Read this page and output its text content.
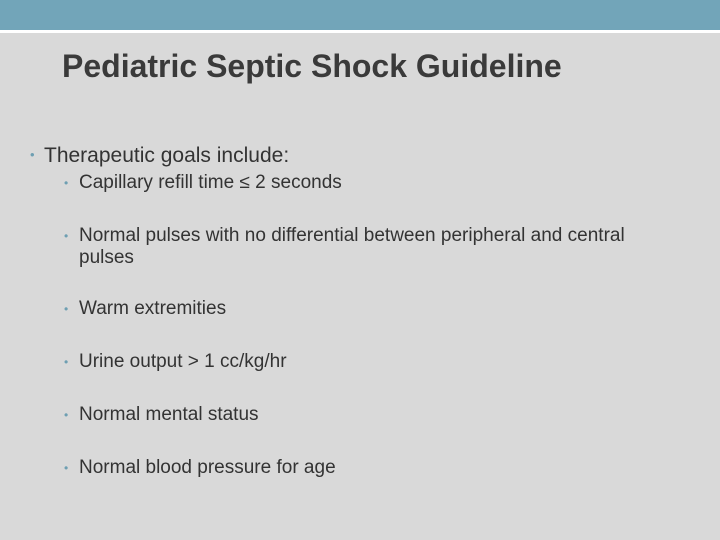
Pediatric Septic Shock Guideline
• Therapeutic goals include:
• Capillary refill time ≤ 2 seconds
• Normal pulses with no differential between peripheral and central pulses
• Warm extremities
• Urine output > 1 cc/kg/hr
• Normal mental status
• Normal blood pressure for age
